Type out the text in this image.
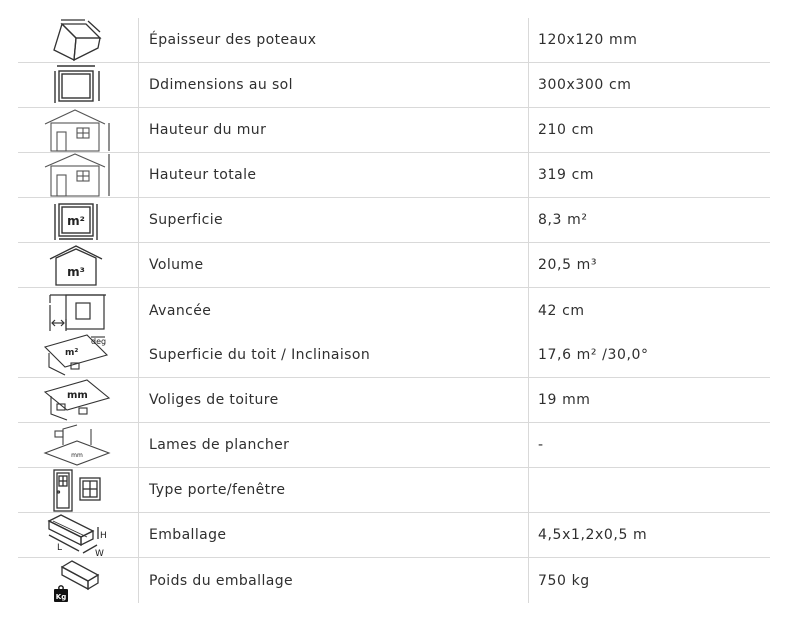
Épaisseur des poteaux	120x120 mm
Ddimensions au sol	300x300 cm
Hauteur du mur	210 cm
Hauteur totale	319 cm
m²	Superficie	8,3 m²
m³	Volume	20,5 m³
Avancée	42 cm
m²
deg
Superficie du toit / Inclinaison	17,6 m² /30,0°
mm	Voliges de toiture	19 mm
mm
Lames de plancher	-
Type porte/fenêtre
H
L
W
Emballage	4,5x1,2x0,5 m
Kg
Poids du emballage	750 kg
